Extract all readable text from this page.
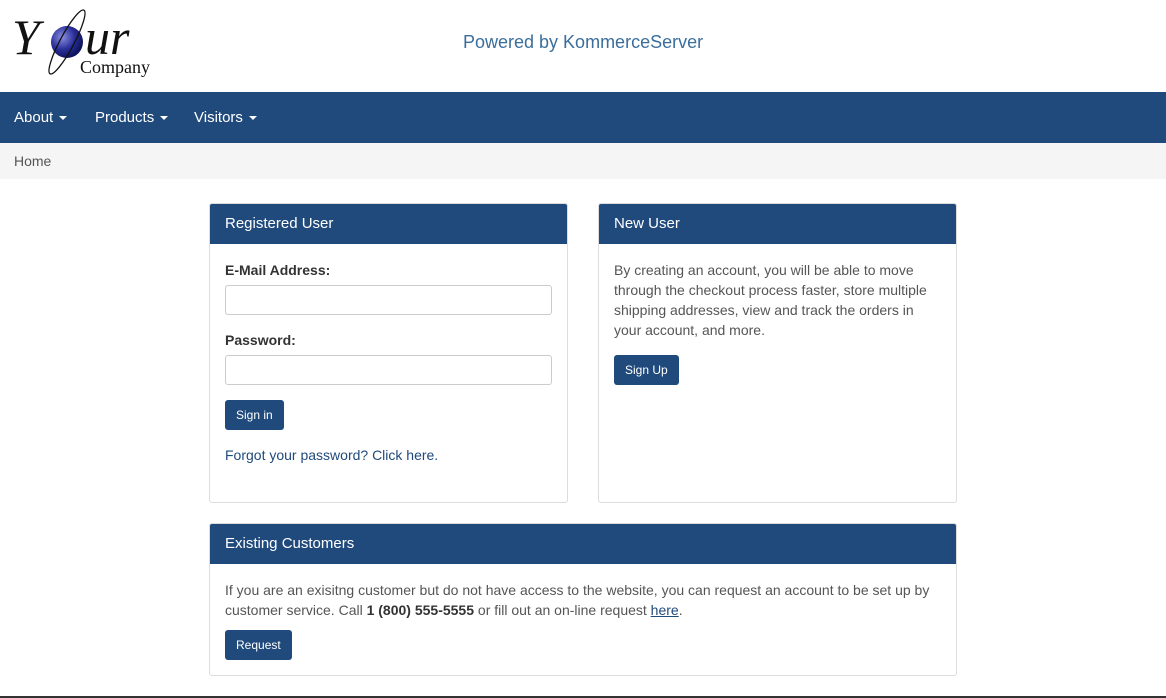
Y ur
Company
Powered by KommerceServer
About	Products	Visitors
Home
Registered User
E-Mail Address:
Password:
Sign in
Forgot your password? Click here.
New User
By creating an account, you will be able to move through the checkout process faster, store multiple shipping addresses, view and track the orders in your account, and more.
Sign Up
Existing Customers
If you are an exisitng customer but do not have access to the website, you can request an account to be set up by customer service. Call 1 (800) 555-5555 or fill out an on-line request here.
Request
